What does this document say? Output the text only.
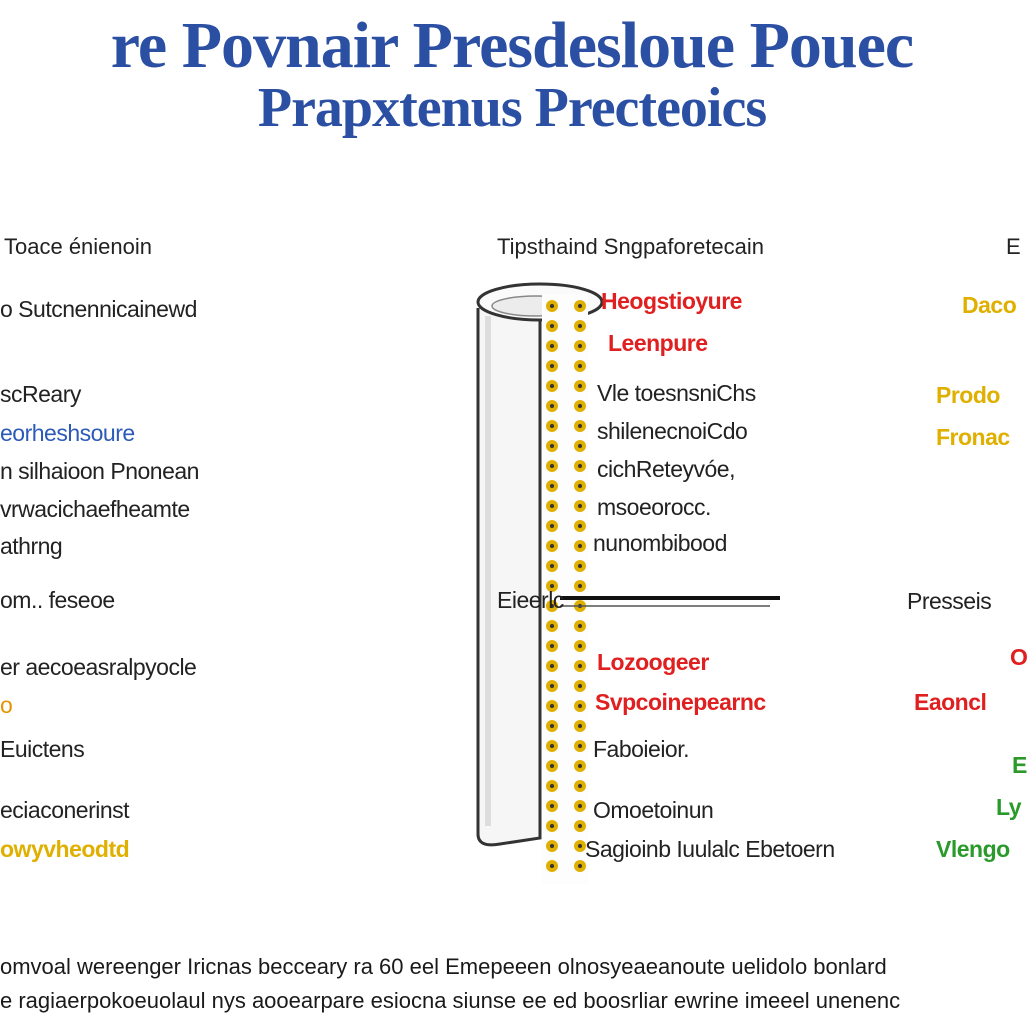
re Povnair Presdesloue Pouec
Prapxtenus Precteoics
Toace énienoin	Tipsthaind Sngpaforetecain	E
o Sutcnennicainewd
scReary
eorheshsoure
n silhaioon Pnonean
vrwacichaefheamte
athrng
om.. feseoe
er aecoeasralpyocle
o
Euictens
eciaconerinst
owyvheodtd
Heogstioyure
Leenpure
Vle toesnsniChs
shilenecnoiCdo
cichReteyvóe,
msoeorocc.
nunombibood
Eieerlc
Lozoogeer
Svpcoinepearnc
Faboieior.
Omoetoinun
Sagioinb Iuulalc Ebetoern
Daco
Prodo
Fronac
Presseis
O
Eaoncl
E
Ly
Vlengo
omvoal wereenger Iricnas becceary ra 60 eel Emepeeen olnosyeaeanoute uelidolo bonlard
e ragiaerpokoeuolaul nys aooearpare esiocna siunse ee ed boosrliar ewrine imeeel unenenc
